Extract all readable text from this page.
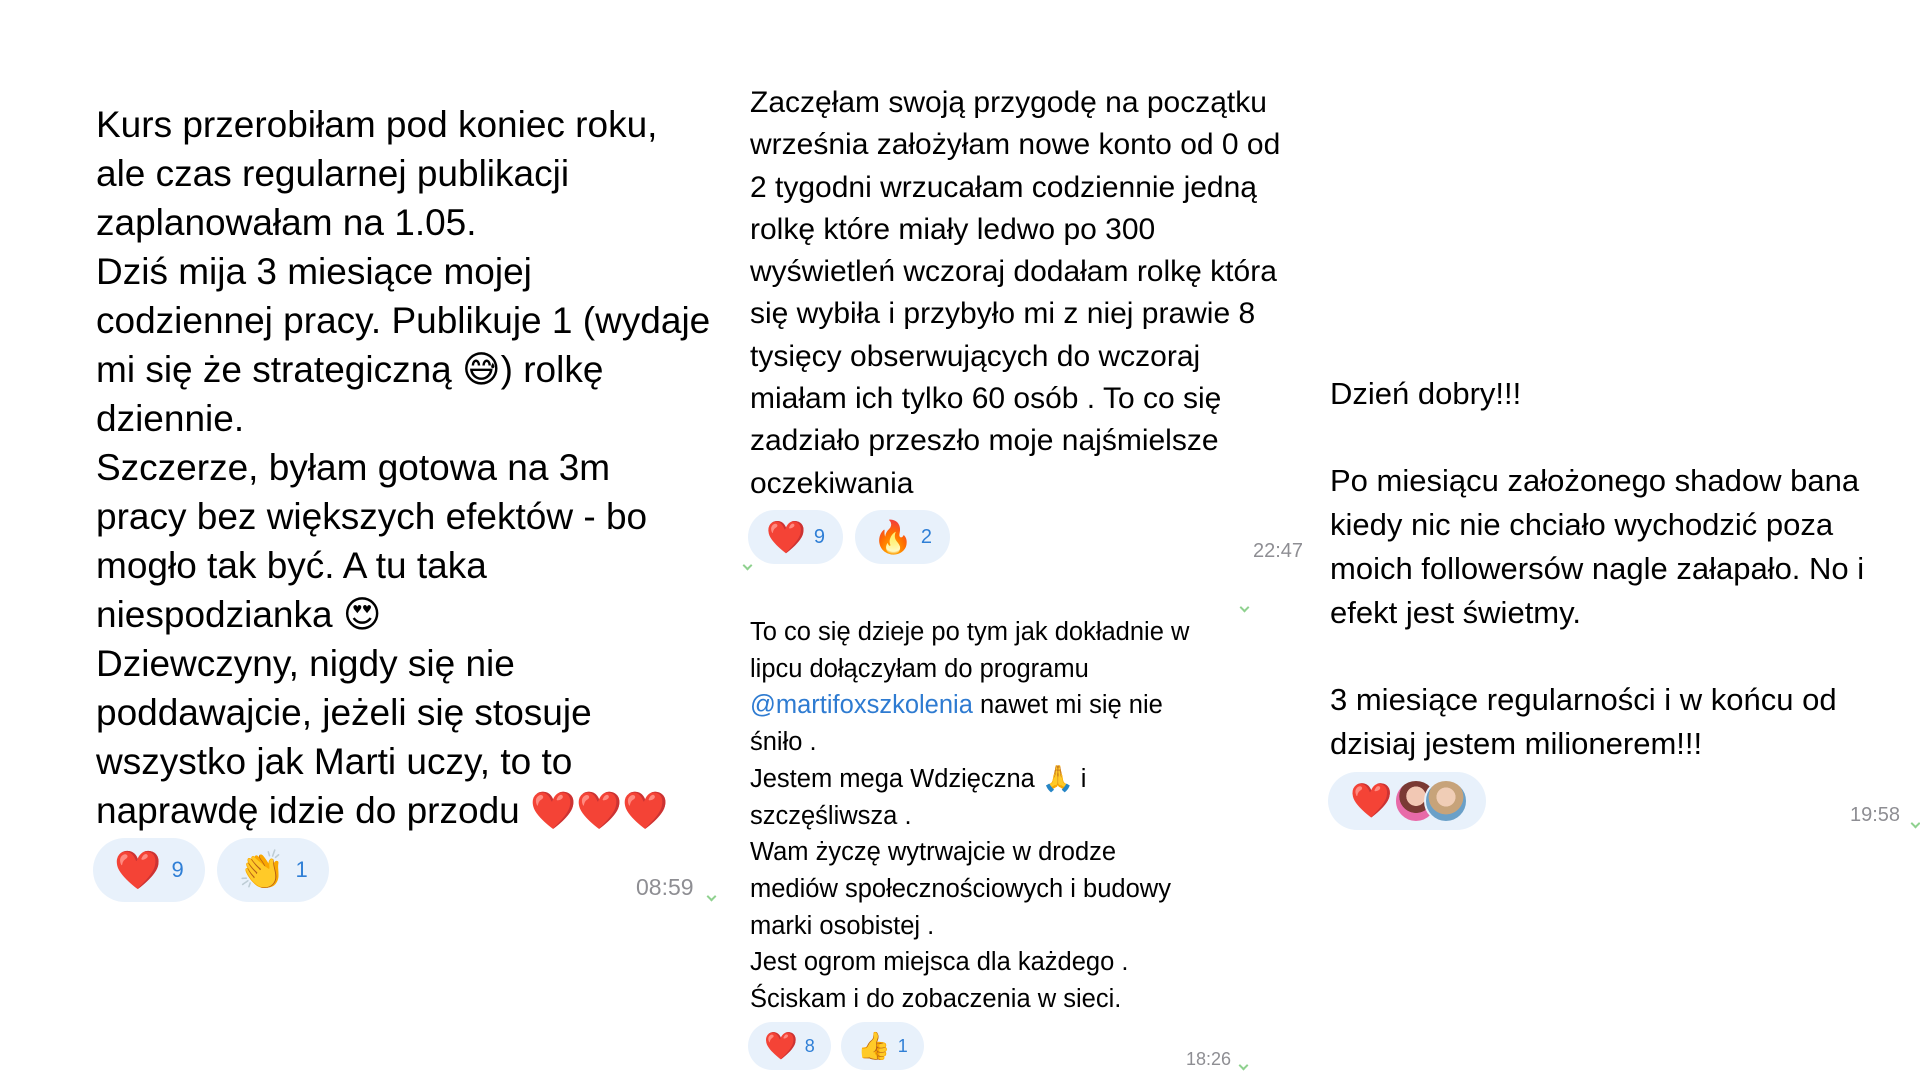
Kurs przerobiłam pod koniec roku,
ale czas regularnej publikacji
zaplanowałam na 1.05.
Dziś mija 3 miesiące mojej
codziennej pracy. Publikuje 1 (wydaje
mi się że strategiczną 😅) rolkę
dziennie.
Szczerze, byłam gotowa na 3m
pracy bez większych efektów - bo
mogło tak być. A tu taka
niespodzianka 😍
Dziewczyny, nigdy się nie
poddawajcie, jeżeli się stosuje
wszystko jak Marti uczy, to to
naprawdę idzie do przodu ❤️❤️❤️
❤️ 9 👏 1
08:59

Zaczęłam swoją przygodę na początku
września założyłam nowe konto od 0 od
2 tygodni wrzucałam codziennie jedną
rolkę które miały ledwo po 300
wyświetleń wczoraj dodałam rolkę która
się wybiła i przybyło mi z niej prawie 8
tysięcy obserwujących do wczoraj
miałam ich tylko 60 osób . To co się
zadziało przeszło moje najśmielsze
oczekiwania
❤️ 9 🔥 2
22:47
To co się dzieje po tym jak dokładnie w
lipcu dołączyłam do programu
@martifoxszkolenia nawet mi się nie
śniło .
Jestem mega Wdzięczna 🙏 i
szczęśliwsza .
Wam życzę wytrwajcie w drodze
mediów społecznościowych i budowy
marki osobistej .
Jest ogrom miejsca dla każdego .
Ściskam i do zobaczenia w sieci.
❤️ 8 👍 1
18:26
Dzień dobry!!!

Po miesiącu założonego shadow bana
kiedy nic nie chciało wychodzić poza
moich followersów nagle załapało. No i
efekt jest świetmy.

3 miesiące regularności i w końcu od
dzisiaj jestem milionerem!!!
❤️	19:58
